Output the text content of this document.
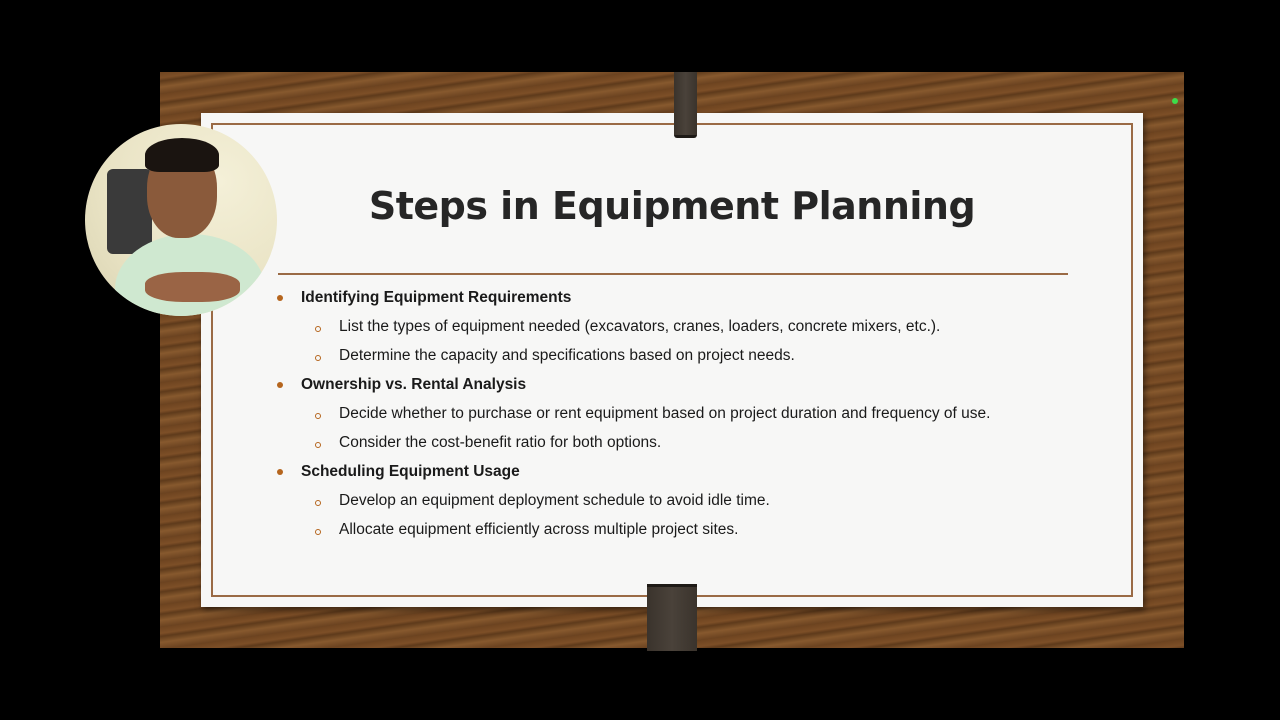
Steps in Equipment Planning
Identifying Equipment Requirements
List the types of equipment needed (excavators, cranes, loaders, concrete mixers, etc.).
Determine the capacity and specifications based on project needs.
Ownership vs. Rental Analysis
Decide whether to purchase or rent equipment based on project duration and frequency of use.
Consider the cost-benefit ratio for both options.
Scheduling Equipment Usage
Develop an equipment deployment schedule to avoid idle time.
Allocate equipment efficiently across multiple project sites.
